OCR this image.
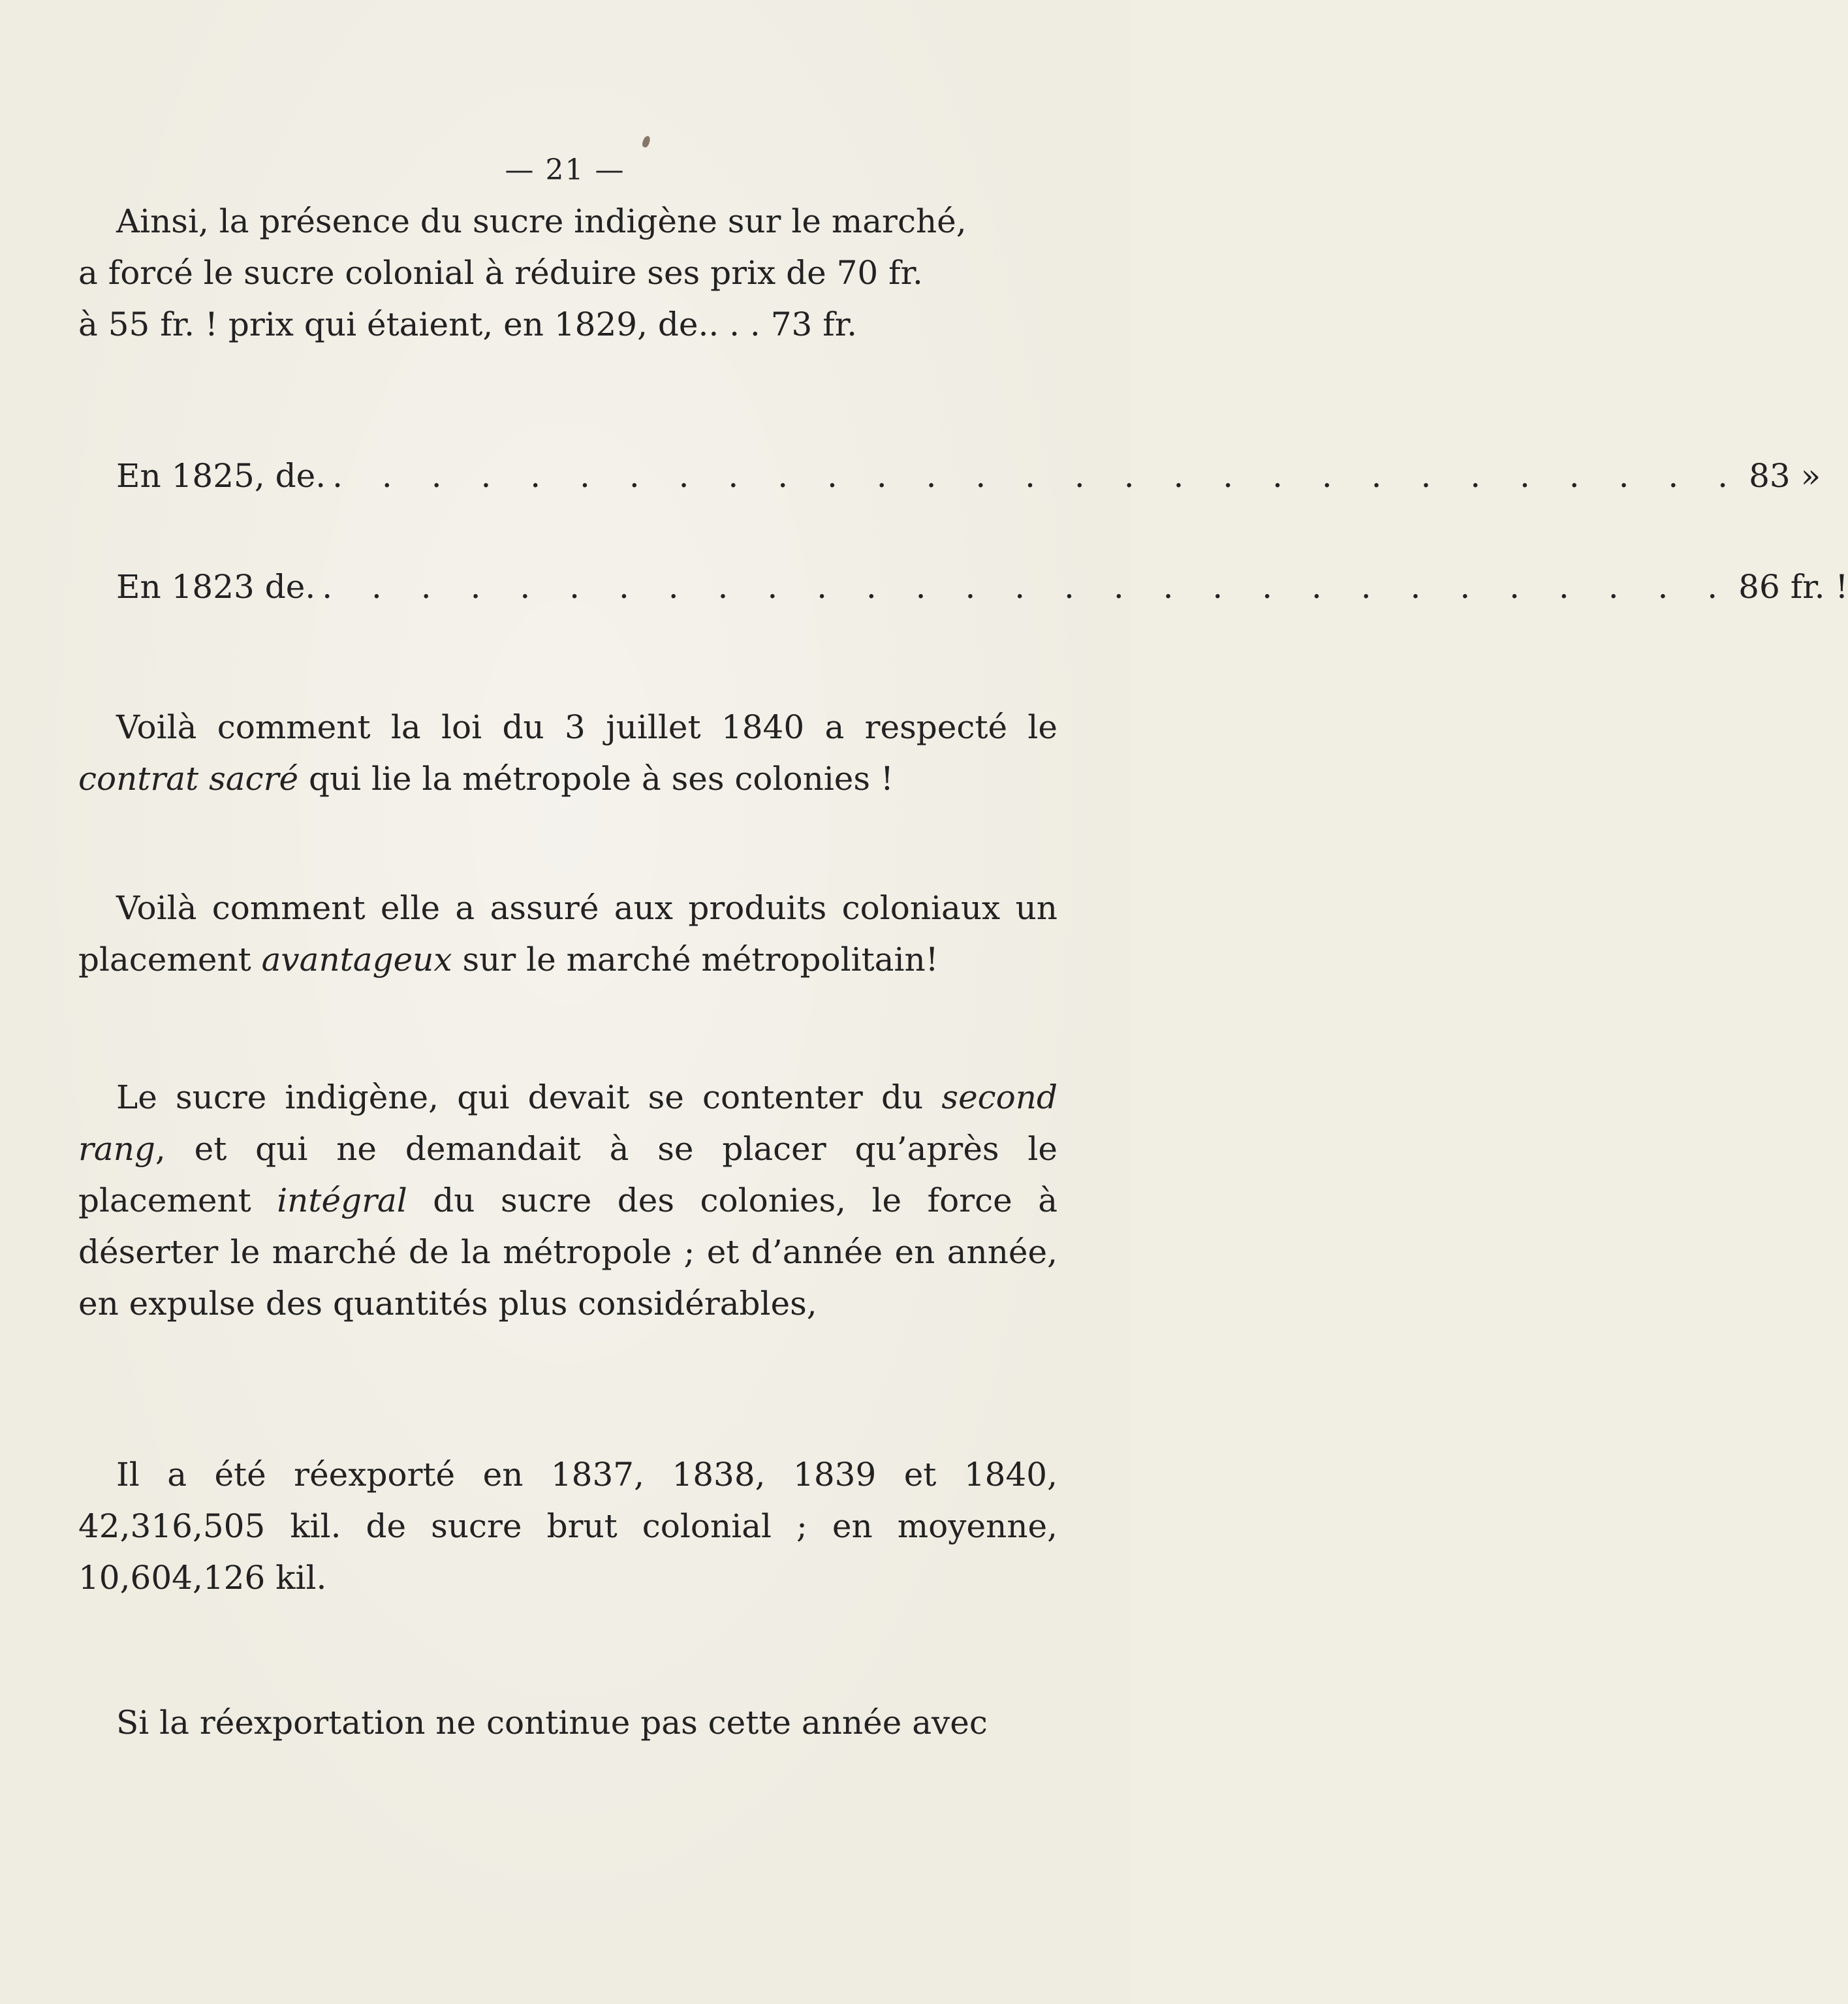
— 21 —
Ainsi, la présence du sucre indigène sur le marché,
a forcé le sucre colonial à réduire ses prix de 70 fr.
à 55 fr. ! prix qui étaient, en 1829, de.. . . 73 fr.
En 1825, de. . . . . . . . . . . . . . . . . . . . . . . . . . . . . . 83 »
En 1823 de. . . . . . . . . . . . . . . . . . . . . . . . . . . . . . 86 fr. !
Voilà comment la loi du 3 juillet 1840 a respecté le contrat sacré qui lie la métropole à ses colonies !
Voilà comment elle a assuré aux produits coloniaux un placement avantageux sur le marché métropolitain!
Le sucre indigène, qui devait se contenter du second rang, et qui ne demandait à se placer qu’après le placement intégral du sucre des colonies, le force à déserter le marché de la métropole ; et d’année en année, en expulse des quantités plus considérables,
Il a été réexporté en 1837, 1838, 1839 et 1840, 42,316,505 kil. de sucre brut colonial ; en moyenne, 10,604,126 kil.
Si la réexportation ne continue pas cette année avec
